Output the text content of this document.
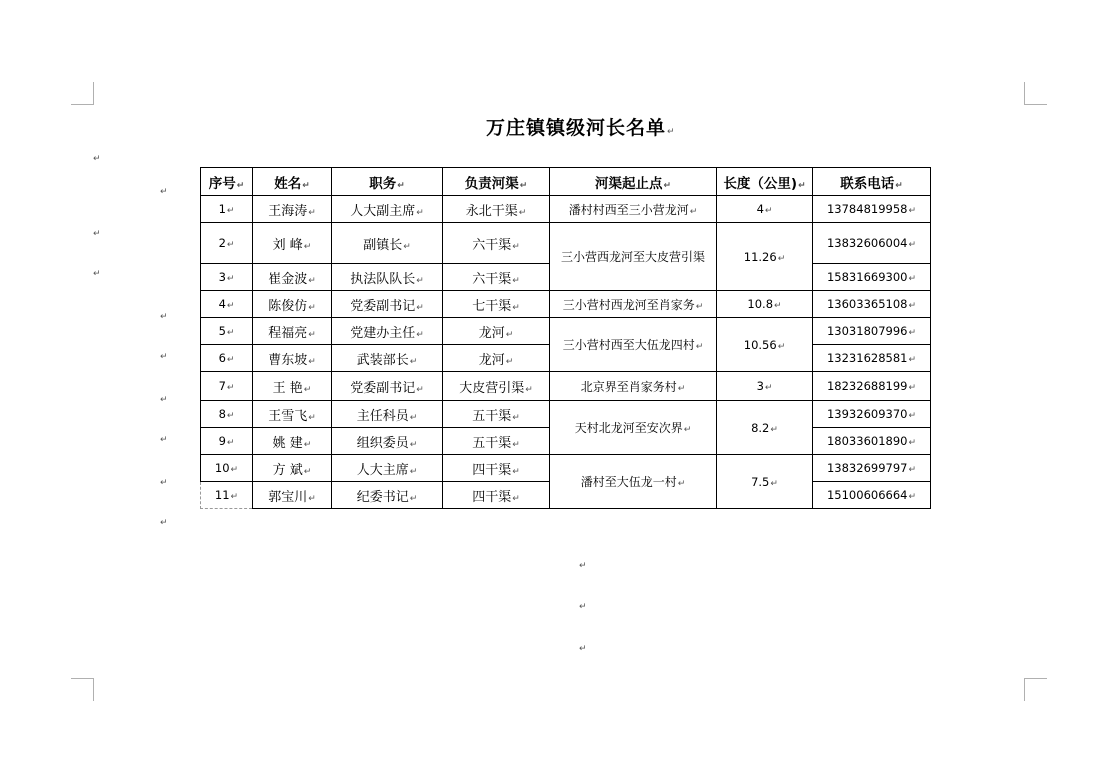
↵
↵
↵
↵
↵
↵
↵
↵
↵
↵
↵
↵
↵
万庄镇镇级河长名单↵
序号↵	姓名↵	职务↵	负责河渠↵	河渠起止点↵	长度（公里)↵	联系电话↵
1↵	王海涛↵	人大副主席↵	永北干渠↵	潘村村西至三小营龙河↵	4↵	13784819958↵
2↵	刘 峰↵	副镇长↵	六干渠↵	三小营西龙河至大皮营引渠	11.26↵	13832606004↵
3↵	崔金波↵	执法队队长↵	六干渠↵			15831669300↵
4↵	陈俊仿↵	党委副书记↵	七干渠↵	三小营村西龙河至肖家务↵	10.8↵	13603365108↵
5↵	程福亮↵	党建办主任↵	龙河↵	三小营村西至大伍龙四村↵	10.56↵	13031807996↵
6↵	曹东坡↵	武装部长↵	龙河↵			13231628581↵
7↵	王 艳↵	党委副书记↵	大皮营引渠↵	北京界至肖家务村↵	3↵	18232688199↵
8↵	王雪飞↵	主任科员↵	五干渠↵	天村北龙河至安次界↵	8.2↵	13932609370↵
9↵	姚 建↵	组织委员↵	五干渠↵			18033601890↵
10↵	方 斌↵	人大主席↵	四干渠↵	潘村至大伍龙一村↵	7.5↵	13832699797↵
11↵	郭宝川↵	纪委书记↵	四干渠↵			15100606664↵
